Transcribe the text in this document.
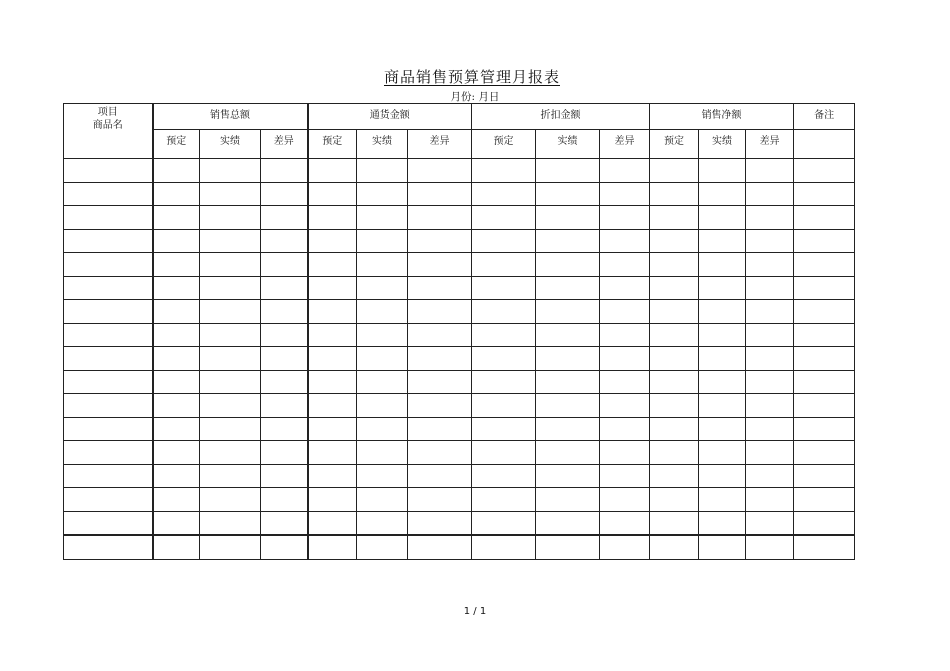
商品销售预算管理月报表
月份: 月日
项目
商品名	销售总额			通货金额			折扣金额			销售净额			备注
	预定	实绩	差异	预定	实绩	差异	预定	实绩	差异	预定	实绩	差异	

1 / 1
